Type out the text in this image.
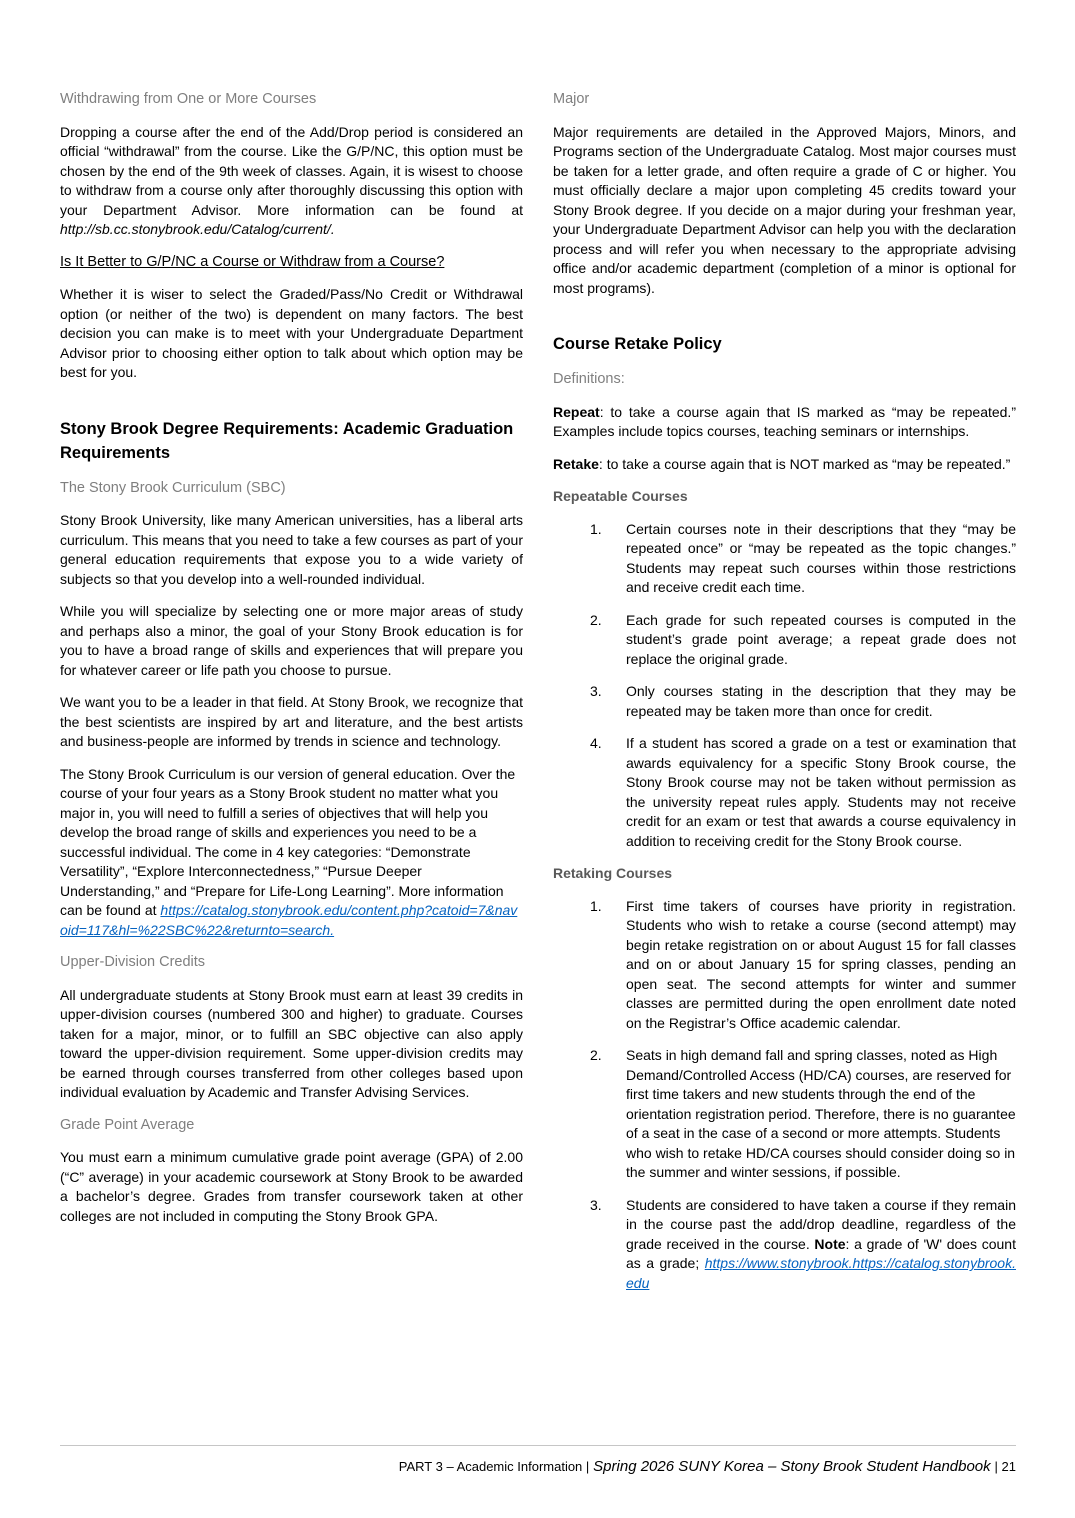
Withdrawing from One or More Courses

Dropping a course after the end of the Add/Drop period is considered an official “withdrawal” from the course. Like the G/P/NC, this option must be chosen by the end of the 9th week of classes. Again, it is wisest to choose to withdraw from a course only after thoroughly discussing this option with your Department Advisor. More information can be found at http://sb.cc.stonybrook.edu/Catalog/current/.

Is It Better to G/P/NC a Course or Withdraw from a Course?

Whether it is wiser to select the Graded/Pass/No Credit or Withdrawal option (or neither of the two) is dependent on many factors. The best decision you can make is to meet with your Undergraduate Department Advisor prior to choosing either option to talk about which option may be best for you.

Stony Brook Degree Requirements: Academic Graduation Requirements
The Stony Brook Curriculum (SBC)

Stony Brook University, like many American universities, has a liberal arts curriculum. This means that you need to take a few courses as part of your general education requirements that expose you to a wide variety of subjects so that you develop into a well-rounded individual.

While you will specialize by selecting one or more major areas of study and perhaps also a minor, the goal of your Stony Brook education is for you to have a broad range of skills and experiences that will prepare you for whatever career or life path you choose to pursue.

We want you to be a leader in that field. At Stony Brook, we recognize that the best scientists are inspired by art and literature, and the best artists and business-people are informed by trends in science and technology.

The Stony Brook Curriculum is our version of general education. Over the course of your four years as a Stony Brook student no matter what you major in, you will need to fulfill a series of objectives that will help you develop the broad range of skills and experiences you need to be a successful individual. The come in 4 key categories: “Demonstrate Versatility”, “Explore Interconnectedness,” “Pursue Deeper Understanding,” and “Prepare for Life-Long Learning”. More information can be found at https://catalog.stonybrook.edu/content.php?catoid=7&navoid=117&hl=%22SBC%22&returnto=search.

Upper-Division Credits

All undergraduate students at Stony Brook must earn at least 39 credits in upper-division courses (numbered 300 and higher) to graduate. Courses taken for a major, minor, or to fulfill an SBC objective can also apply toward the upper-division requirement. Some upper-division credits may be earned through courses transferred from other colleges based upon individual evaluation by Academic and Transfer Advising Services.

Grade Point Average

You must earn a minimum cumulative grade point average (GPA) of 2.00 (“C” average) in your academic coursework at Stony Brook to be awarded a bachelor’s degree. Grades from transfer coursework taken at other colleges are not included in computing the Stony Brook GPA.

Major

Major requirements are detailed in the Approved Majors, Minors, and Programs section of the Undergraduate Catalog. Most major courses must be taken for a letter grade, and often require a grade of C or higher. You must officially declare a major upon completing 45 credits toward your Stony Brook degree. If you decide on a major during your freshman year, your Undergraduate Department Advisor can help you with the declaration process and will refer you when necessary to the appropriate advising office and/or academic department (completion of a minor is optional for most programs).

Course Retake Policy
Definitions:

Repeat: to take a course again that IS marked as “may be repeated.” Examples include topics courses, teaching seminars or internships.

Retake: to take a course again that is NOT marked as “may be repeated.”

Repeatable Courses
1.	Certain courses note in their descriptions that they “may be repeated once” or “may be repeated as the topic changes.” Students may repeat such courses within those restrictions and receive credit each time.
2.	Each grade for such repeated courses is computed in the student’s grade point average; a repeat grade does not replace the original grade.
3.	Only courses stating in the description that they may be repeated may be taken more than once for credit.
4.	If a student has scored a grade on a test or examination that awards equivalency for a specific Stony Brook course, the Stony Brook course may not be taken without permission as the university repeat rules apply. Students may not receive credit for an exam or test that awards a course equivalency in addition to receiving credit for the Stony Brook course.
Retaking Courses
1.	First time takers of courses have priority in registration. Students who wish to retake a course (second attempt) may begin retake registration on or about August 15 for fall classes and on or about January 15 for spring classes, pending an open seat. The second attempts for winter and summer classes are permitted during the open enrollment date noted on the Registrar’s Office academic calendar.
2.	Seats in high demand fall and spring classes, noted as High Demand/Controlled Access (HD/CA) courses, are reserved for first time takers and new students through the end of the orientation registration period. Therefore, there is no guarantee of a seat in the case of a second or more attempts. Students who wish to retake HD/CA courses should consider doing so in the summer and winter sessions, if possible.
3.	Students are considered to have taken a course if they remain in the course past the add/drop deadline, regardless of the grade received in the course. Note: a grade of 'W' does count as a grade; https://www.stonybrook.https://catalog.stonybrook.edu
PART 3 – Academic Information | Spring 2026 SUNY Korea – Stony Brook Student Handbook | 21
